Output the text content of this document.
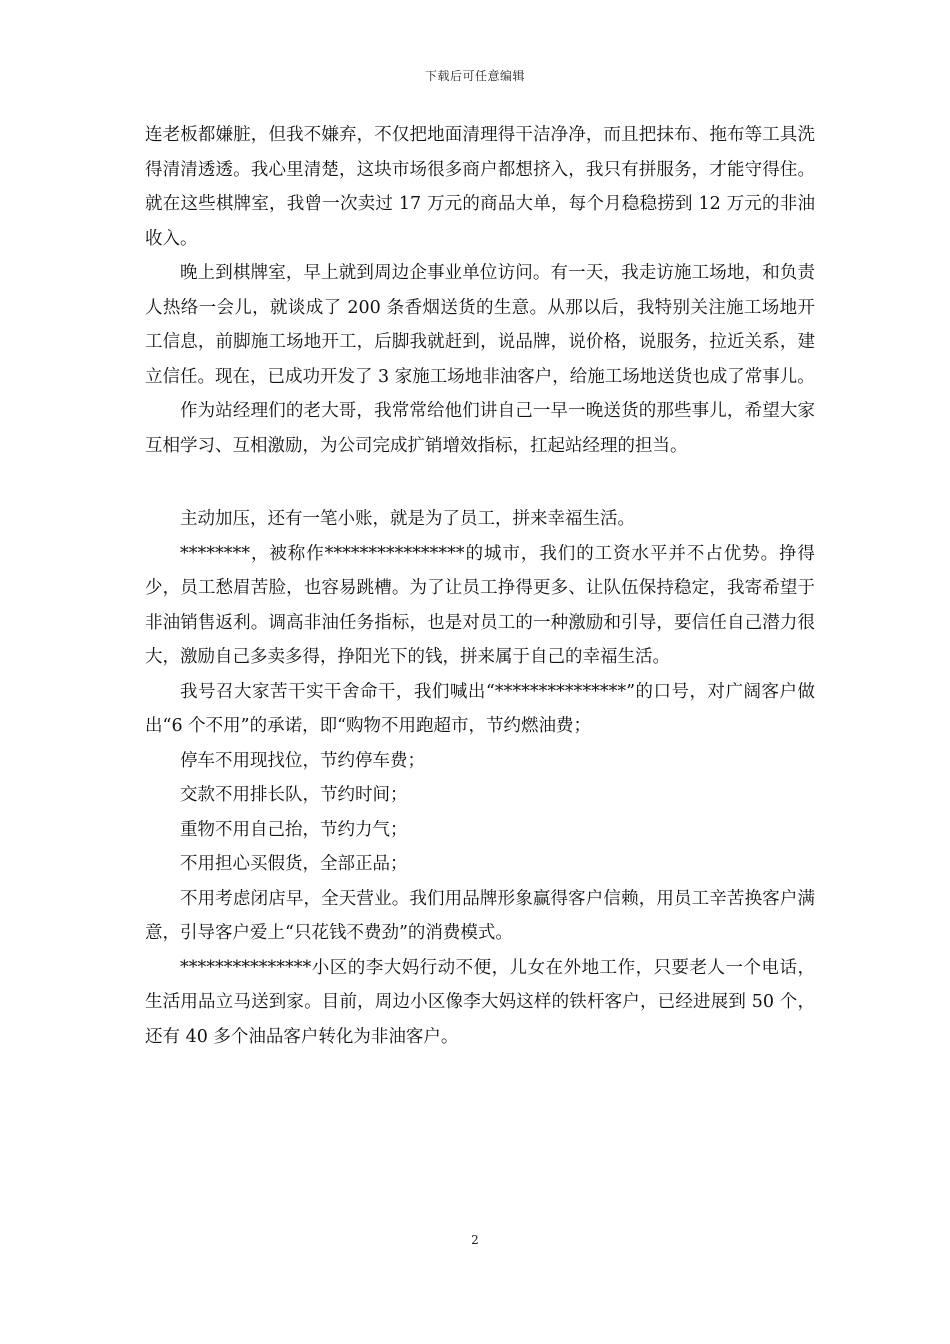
下载后可任意编辑

连老板都嫌脏，但我不嫌弃，不仅把地面清理得干洁净净，而且把抹布、拖布等工具洗得清清透透。我心里清楚，这块市场很多商户都想挤入，我只有拼服务，才能守得住。就在这些棋牌室，我曾一次卖过 17 万元的商品大单，每个月稳稳捞到 12 万元的非油收入。

晚上到棋牌室，早上就到周边企事业单位访问。有一天，我走访施工场地，和负责人热络一会儿，就谈成了 200 条香烟送货的生意。从那以后，我特别关注施工场地开工信息，前脚施工场地开工，后脚我就赶到，说品牌，说价格，说服务，拉近关系，建立信任。现在，已成功开发了 3 家施工场地非油客户，给施工场地送货也成了常事儿。

作为站经理们的老大哥，我常常给他们讲自己一早一晚送货的那些事儿，希望大家互相学习、互相激励，为公司完成扩销增效指标，扛起站经理的担当。

主动加压，还有一笔小账，就是为了员工，拼来幸福生活。

********，被称作****************的城市，我们的工资水平并不占优势。挣得少，员工愁眉苦脸，也容易跳槽。为了让员工挣得更多、让队伍保持稳定，我寄希望于非油销售返利。调高非油任务指标，也是对员工的一种激励和引导，要信任自己潜力很大，激励自己多卖多得，挣阳光下的钱，拼来属于自己的幸福生活。

我号召大家苦干实干舍命干，我们喊出“***************”的口号，对广阔客户做出“6 个不用”的承诺，即“购物不用跑超市，节约燃油费；

停车不用现找位，节约停车费；

交款不用排长队，节约时间；

重物不用自己抬，节约力气；

不用担心买假货，全部正品；

不用考虑闭店早，全天营业。我们用品牌形象赢得客户信赖，用员工辛苦换客户满意，引导客户爱上“只花钱不费劲”的消费模式。

***************小区的李大妈行动不便，儿女在外地工作，只要老人一个电话，生活用品立马送到家。目前，周边小区像李大妈这样的铁杆客户，已经进展到 50 个，还有 40 多个油品客户转化为非油客户。

2
